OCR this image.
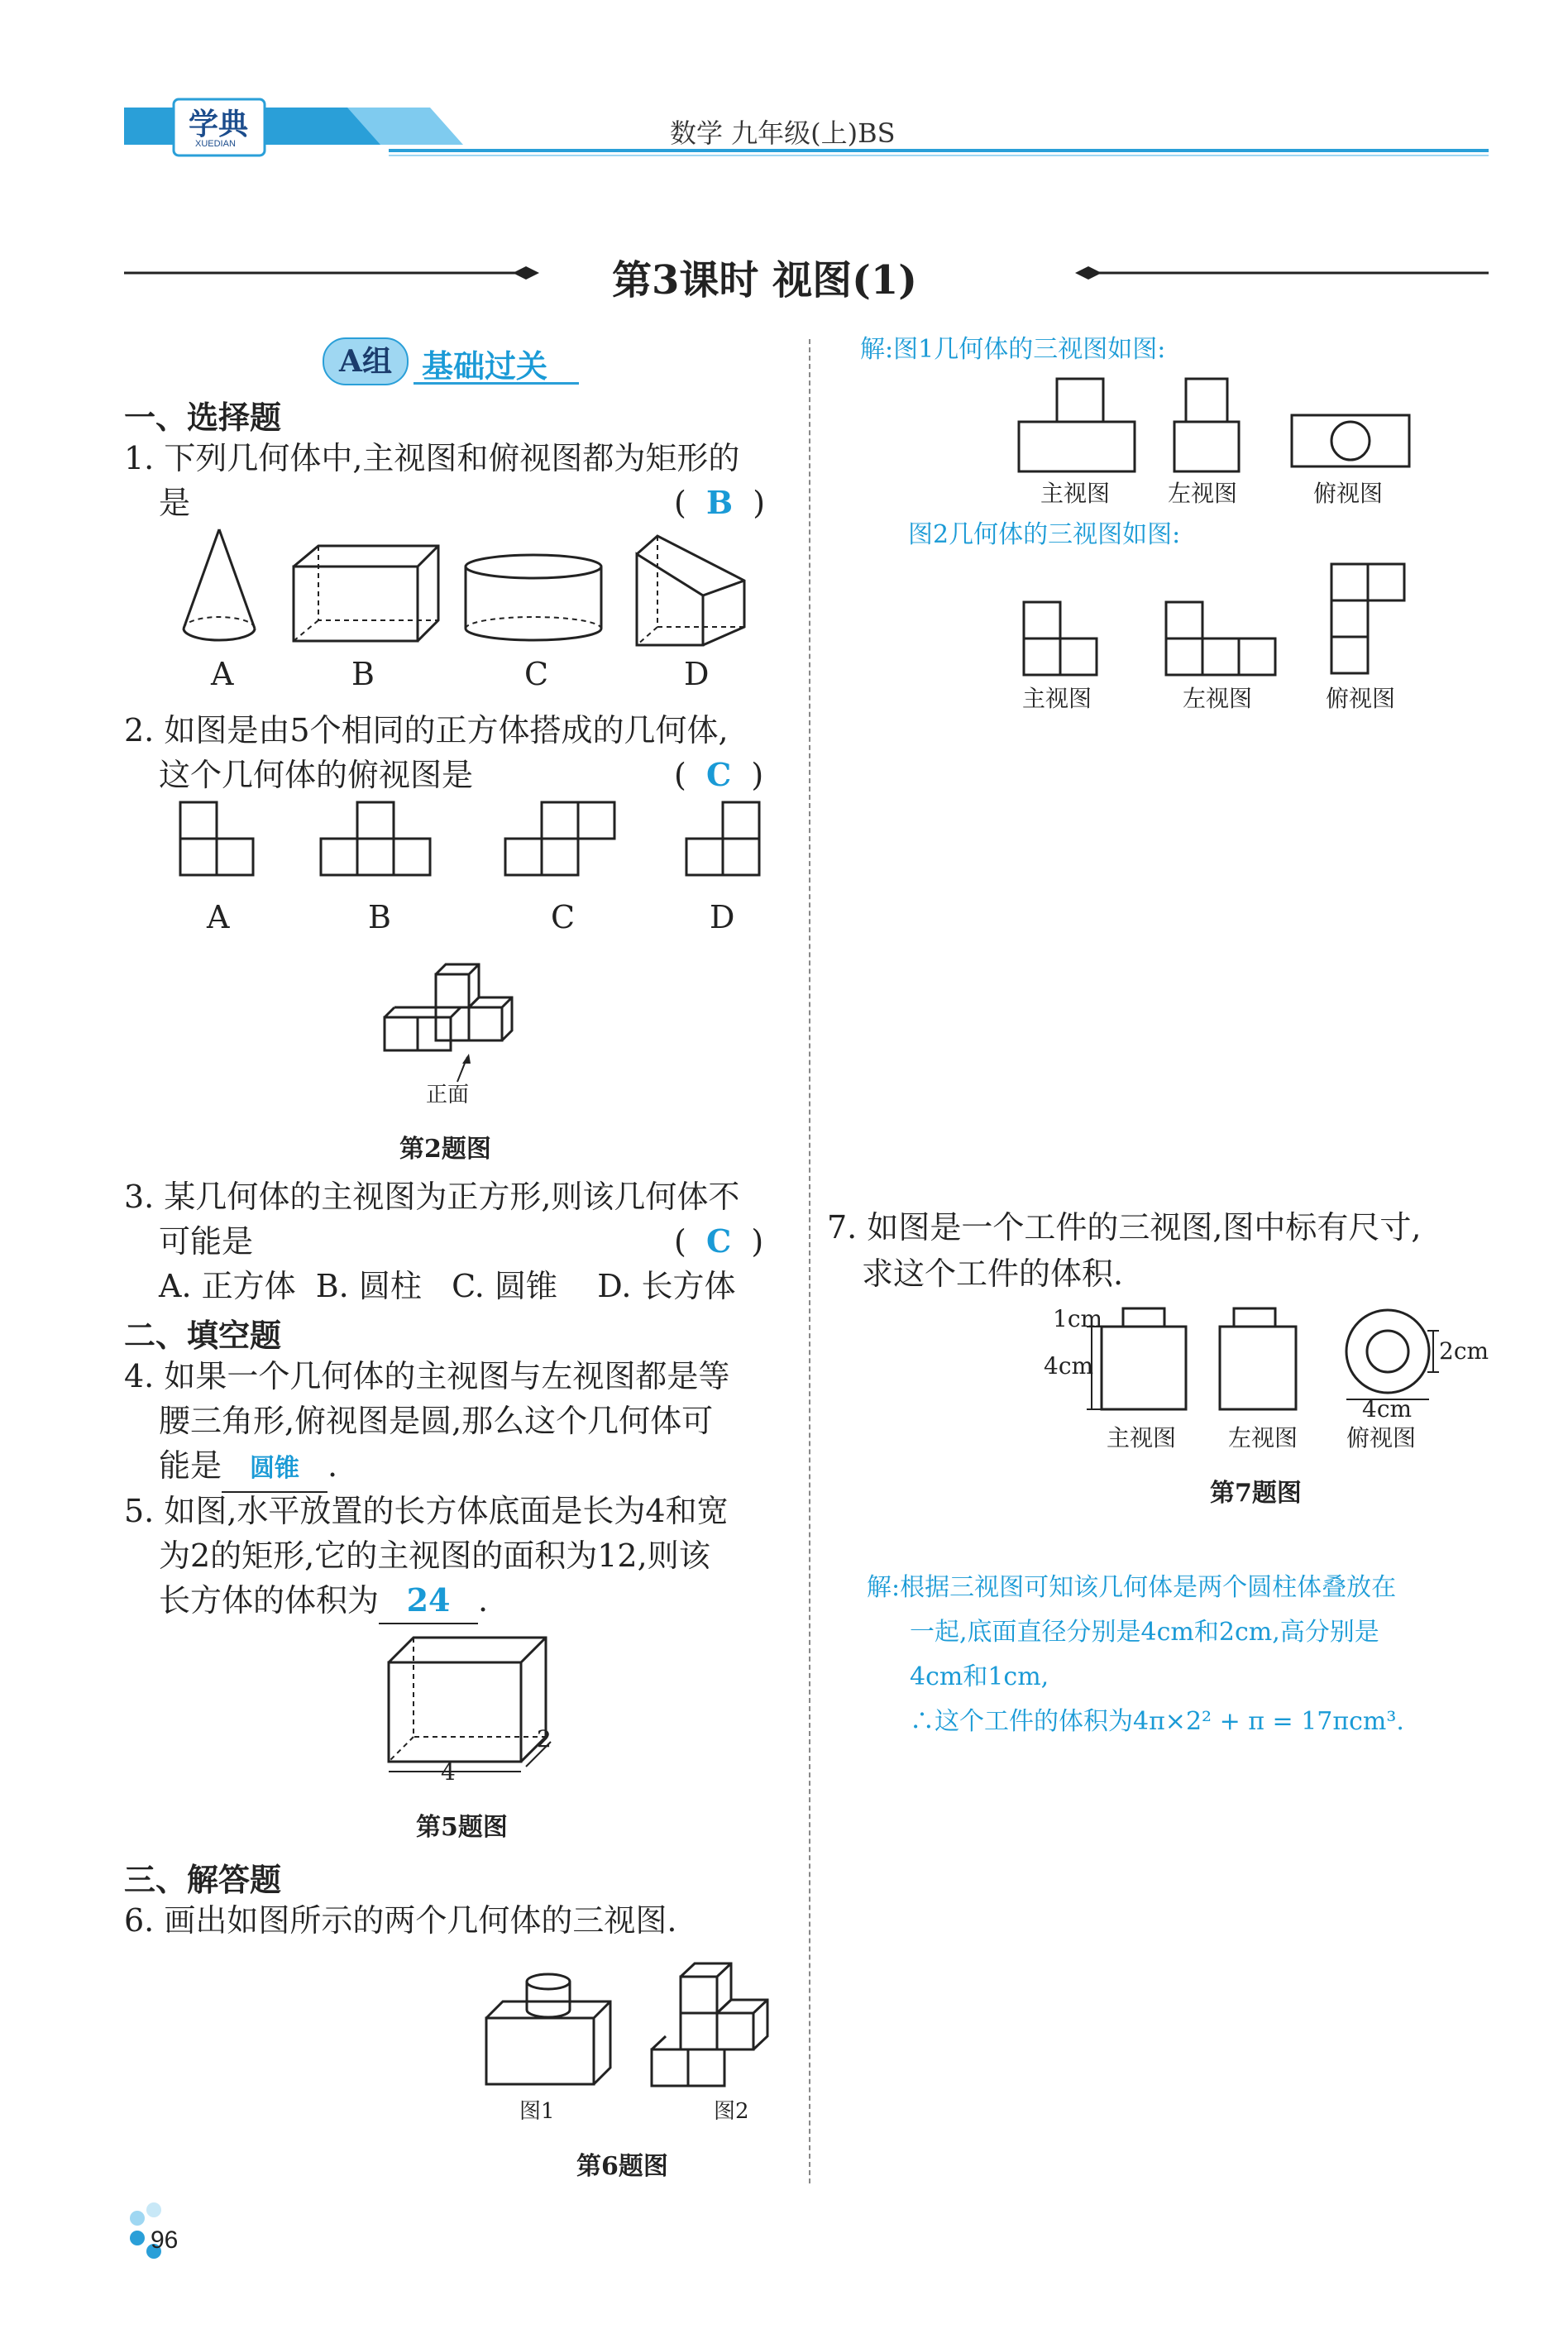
学典
XUEDIAN	数学 九年级(上)BS
第3课时 视图(1)
A组 基础过关
一、选择题
1. 下列几何体中,主视图和俯视图都为矩形的
是	(  B  )
A	B	C	D
2. 如图是由5个相同的正方体搭成的几何体,
这个几何体的俯视图是	(  C  )
A	B	C	D
正面
第2题图
3. 某几何体的主视图为正方形,则该几何体不
可能是	(  C  )
A. 正方体  B. 圆柱   C. 圆锥    D. 长方体
二、填空题
4. 如果一个几何体的主视图与左视图都是等
腰三角形,俯视图是圆,那么这个几何体可
能是 圆锥 .
5. 如图,水平放置的长方体底面是长为4和宽
为2的矩形,它的主视图的面积为12,则该
长方体的体积为 24 .
4
2
第5题图
三、解答题
6. 画出如图所示的两个几何体的三视图.
图1	图2
第6题图
96
解:图1几何体的三视图如图:
主视图 左视图	俯视图
图2几何体的三视图如图:
主视图	左视图	俯视图
7. 如图是一个工件的三视图,图中标有尺寸,
求这个工件的体积.
1cm
4cm
2cm
4cm
主视图 左视图 俯视图
第7题图
解:根据三视图可知该几何体是两个圆柱体叠放在
一起,底面直径分别是4cm和2cm,高分别是
4cm和1cm,
∴这个工件的体积为4π×2² + π = 17πcm³.
